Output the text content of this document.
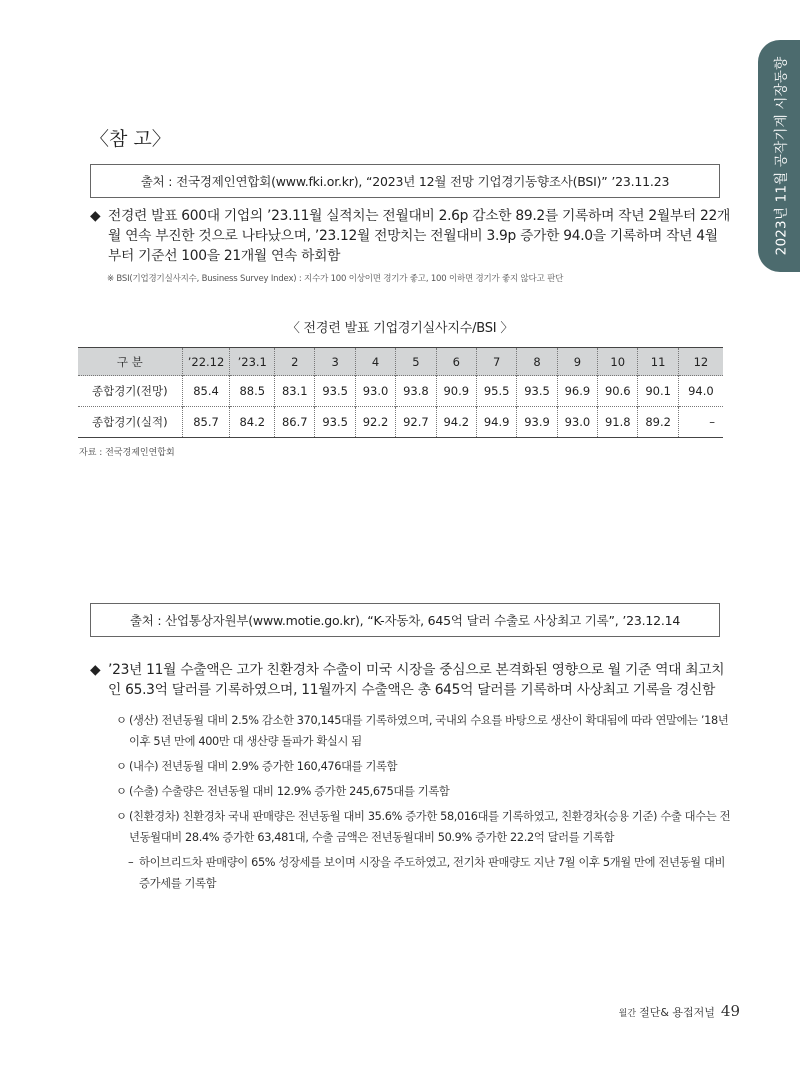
2023년 11월 공작기계 시장동향
〈참 고〉
출처 : 전국경제인연합회(www.fki.or.kr), “2023년 12월 전망 기업경기동향조사(BSI)” ’23.11.23
◆ 전경련 발표 600대 기업의 ’23.11월 실적치는 전월대비 2.6p 감소한 89.2를 기록하며 작년 2월부터 22개월 연속 부진한 것으로 나타났으며, ’23.12월 전망치는 전월대비 3.9p 증가한 94.0을 기록하며 작년 4월부터 기준선 100을 21개월 연속 하회함
※ BSI(기업경기실사지수, Business Survey Index) : 지수가 100 이상이면 경기가 좋고, 100 이하면 경기가 좋지 않다고 판단
〈 전경련 발표 기업경기실사지수/BSI 〉
구 분	’22.12	’23.1	2	3	4	5	6	7	8	9	10	11	12
종합경기(전망)	85.4	88.5	83.1	93.5	93.0	93.8	90.9	95.5	93.5	96.9	90.6	90.1	94.0
종합경기(실적)	85.7	84.2	86.7	93.5	92.2	92.7	94.2	94.9	93.9	93.0	91.8	89.2	–
자료 : 전국경제인연합회
출처 : 산업통상자원부(www.motie.go.kr), “K-자동차, 645억 달러 수출로 사상최고 기록”, ’23.12.14
◆ ’23년 11월 수출액은 고가 친환경차 수출이 미국 시장을 중심으로 본격화된 영향으로 월 기준 역대 최고치인 65.3억 달러를 기록하였으며, 11월까지 수출액은 총 645억 달러를 기록하며 사상최고 기록을 경신함
ㅇ (생산) 전년동월 대비 2.5% 감소한 370,145대를 기록하였으며, 국내외 수요를 바탕으로 생산이 확대됨에 따라 연말에는 ’18년 이후 5년 만에 400만 대 생산량 돌파가 확실시 됨
ㅇ (내수) 전년동월 대비 2.9% 증가한 160,476대를 기록함
ㅇ (수출) 수출량은 전년동월 대비 12.9% 증가한 245,675대를 기록함
ㅇ (친환경차) 친환경차 국내 판매량은 전년동월 대비 35.6% 증가한 58,016대를 기록하였고, 친환경차(승용 기준) 수출 대수는 전년동월대비 28.4% 증가한 63,481대, 수출 금액은 전년동월대비 50.9% 증가한 22.2억 달러를 기록함
– 하이브리드차 판매량이 65% 성장세를 보이며 시장을 주도하였고, 전기차 판매량도 지난 7월 이후 5개월 만에 전년동월 대비 증가세를 기록함
월간 절단& 용접저널 49
